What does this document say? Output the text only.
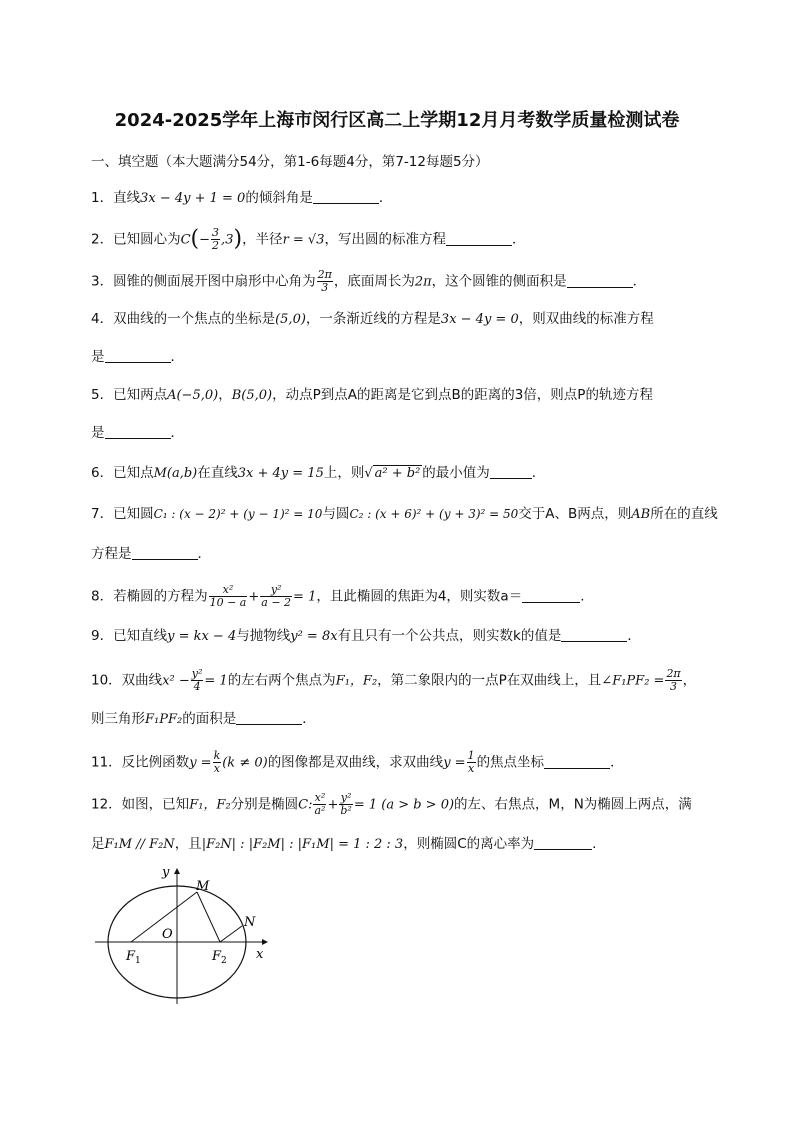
2024-2025学年上海市闵行区高二上学期12月月考数学质量检测试卷
一、填空题（本大题满分54分，第1-6每题4分，第7-12每题5分）
1．直线3x − 4y + 1 = 0的倾斜角是	．
2．已知圆心为$C(- \frac{3}{2} ,3)$，半径r = √3，写出圆的标准方程	．
3．圆锥的侧面展开图中扇形中心角为 $\frac{2\pi}{3}$ ，底面周长为2π，这个圆锥的侧面积是	．
4．双曲线的一个焦点的坐标是(5,0)，一条渐近线的方程是3x − 4y = 0，则双曲线的标准方程
是	．
5．已知两点A(−5,0)，B(5,0)，动点P到点A的距离是它到点B的距离的3倍，则点P的轨迹方程
是	．
6．已知点M(a,b)在直线3x + 4y = 15上，则√ a² + b² 的最小值为	.
7．已知圆C₁ : (x − 2)² + (y − 1)² = 10与圆C₂ : (x + 6)² + (y + 3)² = 50交于A、B两点，则AB所在的直线
方程是	．
8．若椭圆的方程为 $\frac{\text{x²}}{10 - a} + \frac{\text{y²}}{a - 2} = 1$，且此椭圆的焦距为4，则实数a＝	.
9．已知直线y = kx − 4与抛物线y² = 8x有且只有一个公共点，则实数k的值是	．
10．双曲线$x^2 - \frac{\text{y²}}{4} = 1$的左右两个焦点为F₁，F₂，第二象限内的一点P在双曲线上，且∠F₁PF₂ = $\frac{2\pi}{3}$ ，
则三角形F₁PF₂的面积是	．
11．反比例函数$y = \frac{k}{x} (k \ne 0)$的图像都是双曲线，求双曲线$y = \frac{1}{x}$ 的焦点坐标	．
12．如图，已知F₁，F₂分别是椭圆C: $\frac{\text{x²}}{\text{a²}} + \frac{\text{y²}}{\text{b²}} = 1$ (a > b > 0)的左、右焦点，M，N为椭圆上两点，满
足F₁M // F₂N，且|F₂N| : |F₂M| : |F₁M| = 1 : 2 : 3，则椭圆C的离心率为	.
y
x
M
N
O
F 1	F 2
